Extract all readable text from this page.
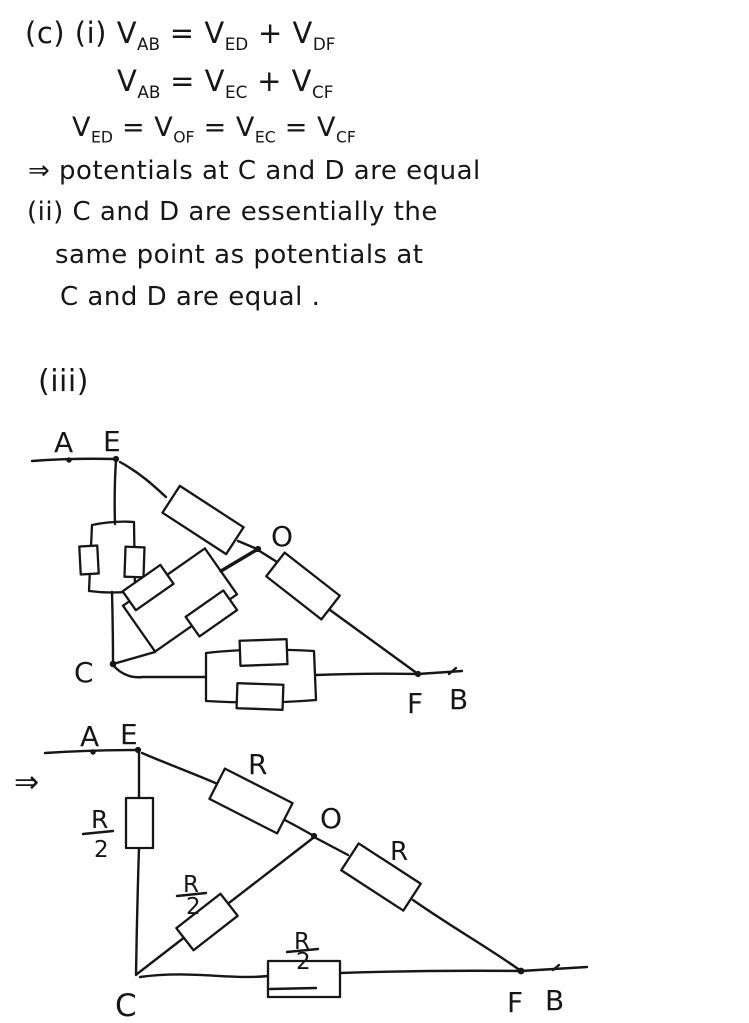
(c) (i) $V_{AB} = V_{ED} + V_{DF}$
$V_{AB} = V_{EC} + V_{CF}$
$V_{ED} = V_{OF} = V_{EC} = V_{CF}$
⇒ potentials at C and D are equal
(ii) C and D are essentially the
same point as potentials at
C and D are equal .
(iii)
A E
O
C
F B
⇒
R
2
R
R
2
R
R
2
A E
O
C	F B
